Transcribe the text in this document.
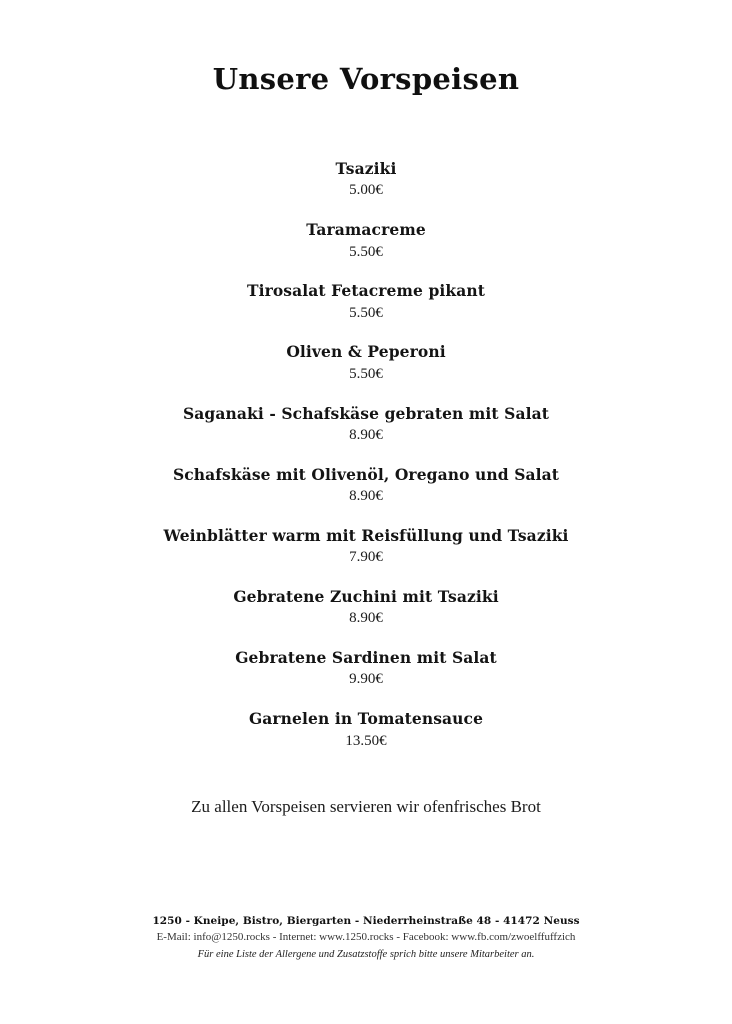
Unsere Vorspeisen
Tsaziki
5.00€
Taramacreme
5.50€
Tirosalat Fetacreme pikant
5.50€
Oliven & Peperoni
5.50€
Saganaki - Schafskäse gebraten mit Salat
8.90€
Schafskäse mit Olivenöl, Oregano und Salat
8.90€
Weinblätter warm mit Reisfüllung und Tsaziki
7.90€
Gebratene Zuchini mit Tsaziki
8.90€
Gebratene Sardinen mit Salat
9.90€
Garnelen in Tomatensauce
13.50€
Zu allen Vorspeisen servieren wir ofenfrisches Brot
1250 - Kneipe, Bistro, Biergarten - Niederrheinstraße 48 - 41472 Neuss
E-Mail: info@1250.rocks - Internet: www.1250.rocks - Facebook: www.fb.com/zwoelffuffzich
Für eine Liste der Allergene und Zusatzstoffe sprich bitte unsere Mitarbeiter an.
